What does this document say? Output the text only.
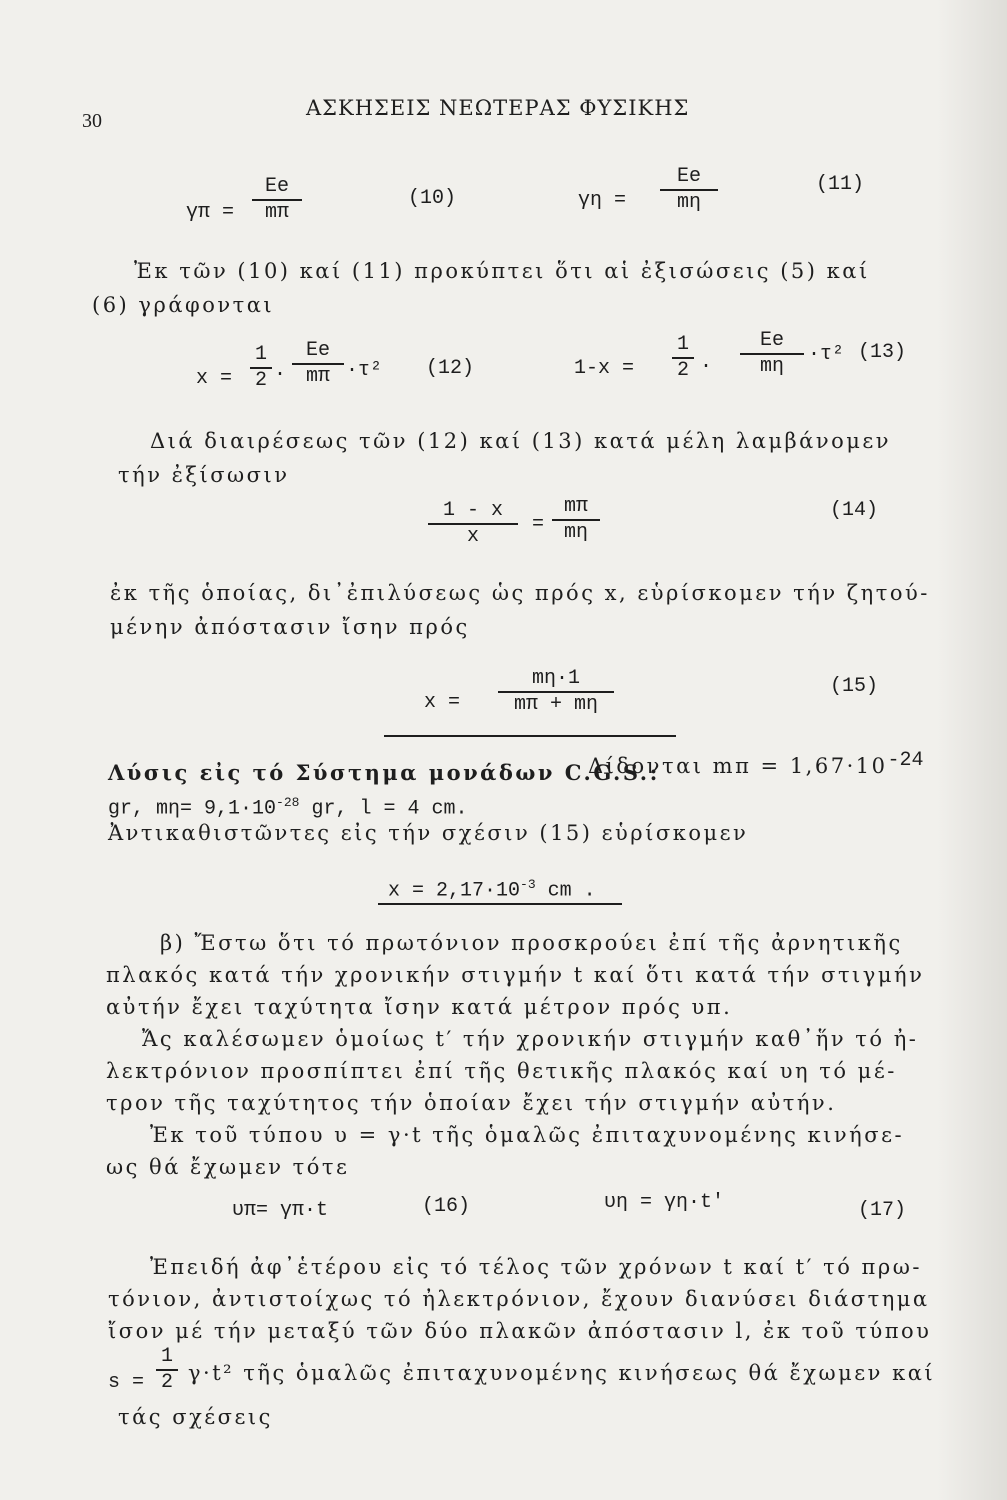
30
ΑΣΚΗΣΕΙΣ ΝΕΩΤΕΡΑΣ ΦΥΣΙΚΗΣ
γπ =
Εe
mπ
(10)	γη =
Εe
mη
(11)
Ἐκ τῶν (10) καί (11) προκύπτει ὅτι αἱ ἐξισώσεις (5) καί
(6) γράφονται
x =
1
2 ·
Εe
mπ ·τ² (12)	1-x =
1
2 ·
Εe
mη
·τ² (13)
Διά διαιρέσεως τῶν (12) καί (13) κατά μέλη λαμβάνομεν
τήν ἐξίσωσιν
1 - x
x
=
mπ
mη
(14)
ἐκ τῆς ὁποίας, δι᾽ἐπιλύσεως ὡς πρός x, εὑρίσκομεν τήν ζητού-
μένην ἀπόστασιν ἴσην πρός
x =
mη·1
mπ + mη
(15)
Λύσις εἰς τό Σύστημα μονάδων C.G.S.:
Δίδονται $m\pi = 1,67\cdot 10^{-24}$
gr, $m\eta= 9,1\cdot 10^{-28}$ gr, l = 4 cm.
Ἀντικαθιστῶντες εἰς τήν σχέσιν (15) εὑρίσκομεν
$x = 2,17\cdot 10^{-3}$ cm .
β) Ἔστω ὅτι τό πρωτόνιον προσκρούει ἐπί τῆς ἀρνητικῆς
πλακός κατά τήν χρονικήν στιγμήν t καί ὅτι κατά τήν στιγμήν
αὐτήν ἔχει ταχύτητα ἴσην κατά μέτρον πρός υπ.
Ἄς καλέσωμεν ὁμοίως t′ τήν χρονικήν στιγμήν καθ᾽ἥν τό ἠ-
λεκτρόνιον προσπίπτει ἐπί τῆς θετικῆς πλακός καί υη τό μέ-
τρον τῆς ταχύτητος τήν ὁποίαν ἔχει τήν στιγμήν αὐτήν.
Ἐκ τοῦ τύπου υ = γ·t τῆς ὁμαλῶς ἐπιταχυνομένης κινήσε-
ως θά ἔχωμεν τότε
υπ= γπ·t	(16)	υη = γη·t′	(17)
Ἐπειδή ἀφ᾽ἑτέρου εἰς τό τέλος τῶν χρόνων t καί t′ τό πρω-
τόνιον, ἀντιστοίχως τό ἠλεκτρόνιον, ἔχουν διανύσει διάστημα
ἴσον μέ τήν μεταξύ τῶν δύο πλακῶν ἀπόστασιν l, ἐκ τοῦ τύπου
s =
1
2 γ·t² τῆς ὁμαλῶς ἐπιταχυνομένης κινήσεως θά ἔχωμεν καί
τάς σχέσεις
